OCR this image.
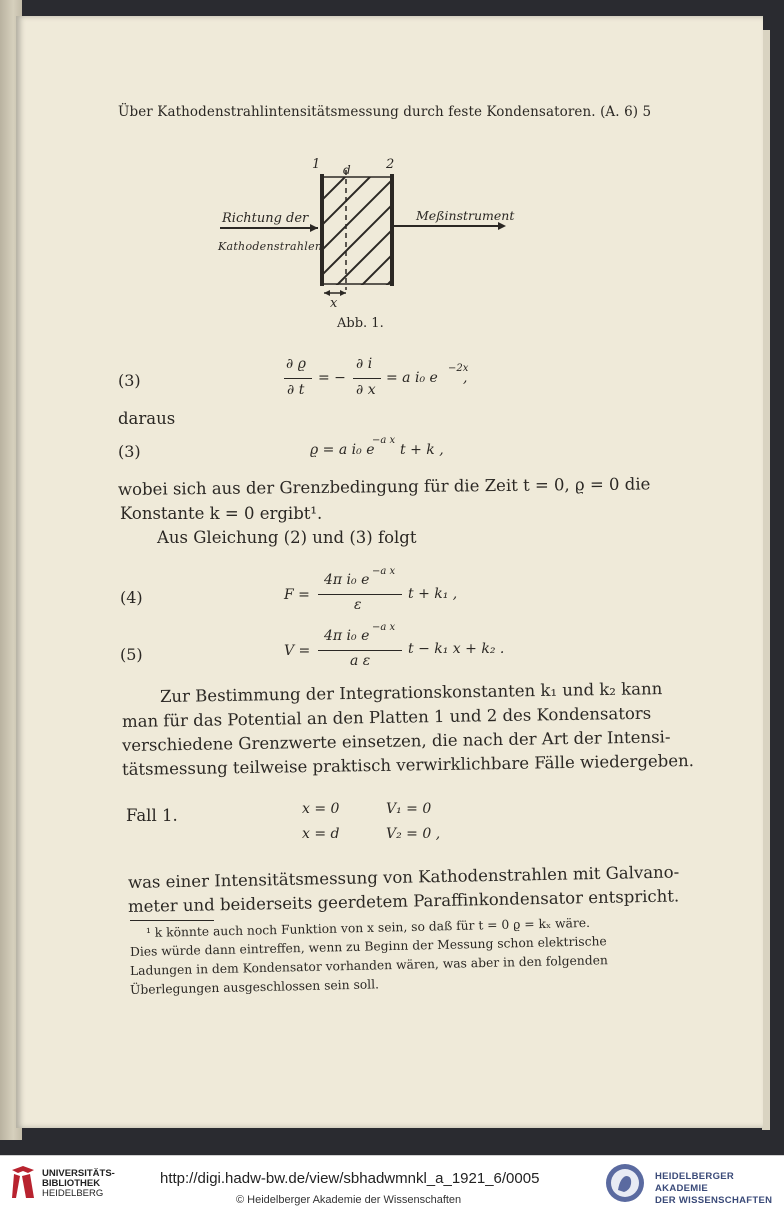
Über Kathodenstrahlintensitätsmessung durch feste Kondensatoren. (A. 6) 5
1 d	2
Richtung der
Kathodenstrahlen
Meßinstrument
x
Abb. 1.
(3)
∂ ϱ
∂ t
= −
∂ i
∂ x
= a i₀ e
−2x
,
daraus
(3)	ϱ = a i₀ e
−a x
t + k ,
wobei sich aus der Grenzbedingung für die Zeit t = 0, ϱ = 0 die
Konstante k = 0 ergibt¹.
Aus Gleichung (2) und (3) folgt
(4)	F =
4π i₀ e
−a x
ε
t + k₁ ,
(5)	V =
4π i₀ e
−a x
a ε
t − k₁ x + k₂ .
Zur Bestimmung der Integrationskonstanten k₁ und k₂ kann
man für das Potential an den Platten 1 und 2 des Kondensators
verschiedene Grenzwerte einsetzen, die nach der Art der Intensi-
tätsmessung teilweise praktisch verwirklichbare Fälle wiedergeben.
Fall 1.	x = 0	V₁ = 0
x = d	V₂ = 0 ,
was einer Intensitätsmessung von Kathodenstrahlen mit Galvano-
meter und beiderseits geerdetem Paraffinkondensator entspricht.
¹ k könnte auch noch Funktion von x sein, so daß für t = 0 ϱ = kₓ wäre.
Dies würde dann eintreffen, wenn zu Beginn der Messung schon elektrische
Ladungen in dem Kondensator vorhanden wären, was aber in den folgenden
Überlegungen ausgeschlossen sein soll.
UNIVERSITÄTS-
BIBLIOTHEK
HEIDELBERG
http://digi.hadw-bw.de/view/sbhadwmnkl_a_1921_6/0005
© Heidelberger Akademie der Wissenschaften
HEIDELBERGER AKADEMIE
DER WISSENSCHAFTEN
